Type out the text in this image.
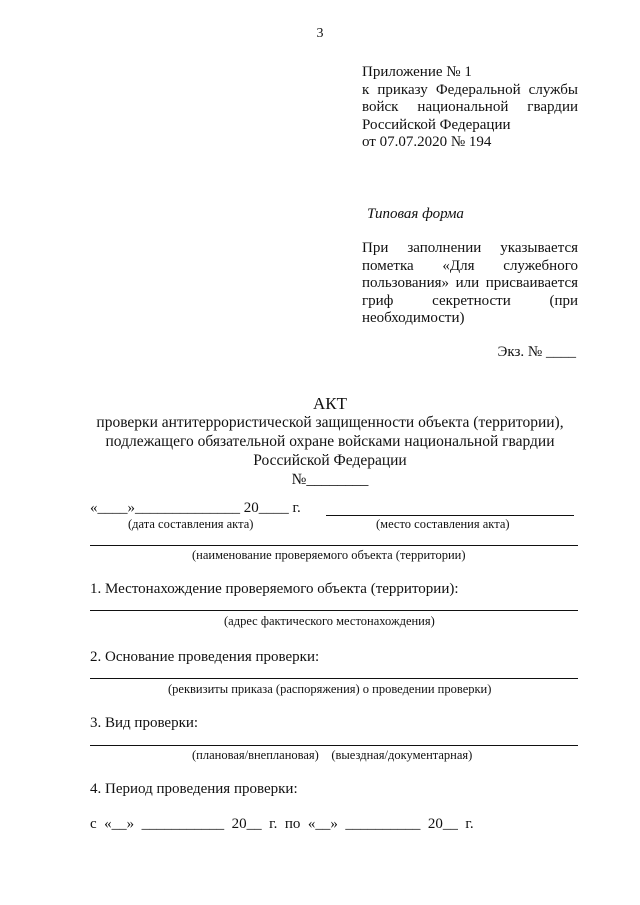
3
Приложение № 1
к приказу Федеральной службы
войск национальной гвардии
Российской Федерации
от 07.07.2020 № 194
Типовая форма
При заполнении указывается
пометка «Для служебного
пользования» или присваивается
гриф секретности (при
необходимости)
Экз. № ____
АКТ
проверки антитеррористической защищенности объекта (территории),
подлежащего обязательной охране войсками национальной гвардии
Российской Федерации
№________
«____»______________ 20____ г.
(дата составления акта)	(место составления акта)
(наименование проверяемого объекта (территории)
1. Местонахождение проверяемого объекта (территории):
(адрес фактического местонахождения)
2. Основание проведения проверки:
(реквизиты приказа (распоряжения) о проведении проверки)
3. Вид проверки:
(плановая/внеплановая)    (выездная/документарная)
4. Период проведения проверки:
с  «__»  ___________  20__  г.  по  «__»  __________  20__  г.
